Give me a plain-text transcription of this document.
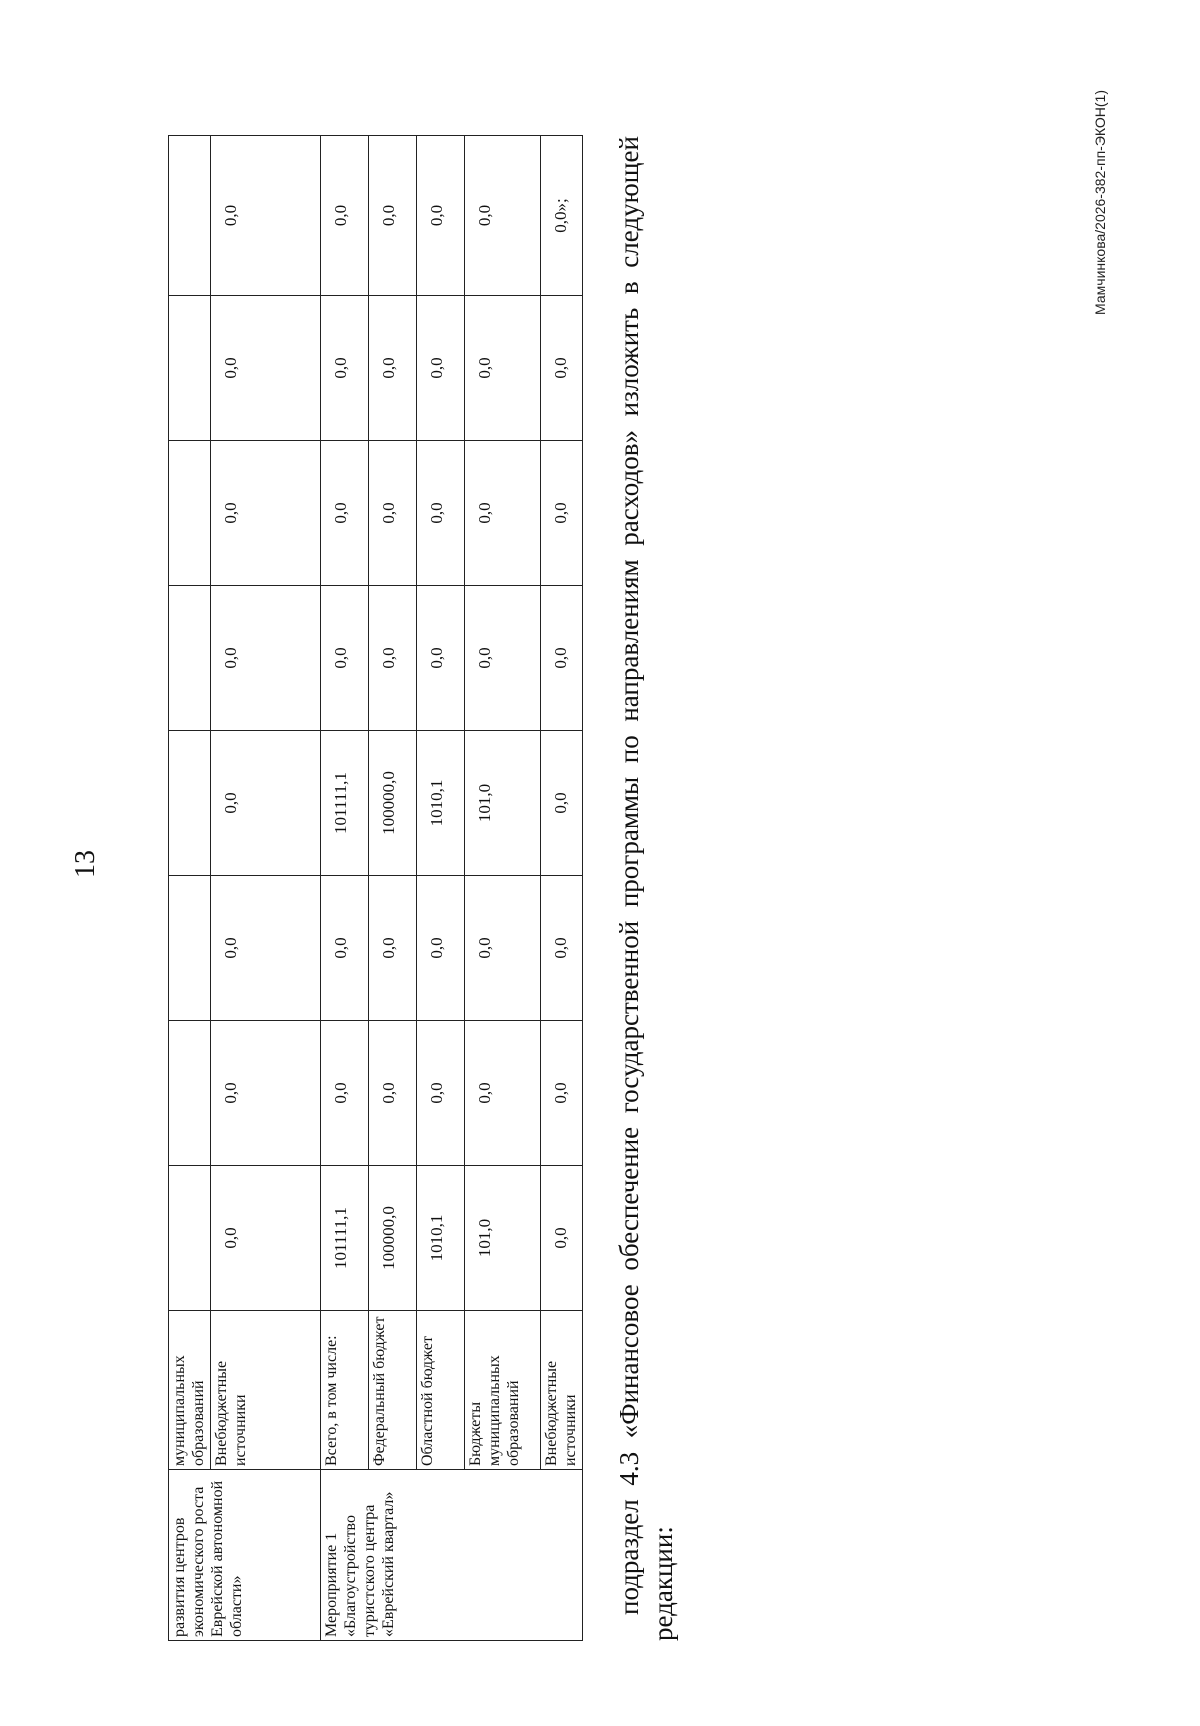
13
развития центров экономического роста Еврейской автономной области»	муниципальных образований								
	Внебюджетные источники	0,0	0,0	0,0	0,0	0,0	0,0	0,0	0,0
Мероприятие 1 «Благоустройство туристского центра «Еврейский квартал»	Всего, в том числе:	101111,1	0,0	0,0	101111,1	0,0	0,0	0,0	0,0
	Федеральный бюджет	100000,0	0,0	0,0	100000,0	0,0	0,0	0,0	0,0
	Областной бюджет	1010,1	0,0	0,0	1010,1	0,0	0,0	0,0	0,0
	Бюджеты муниципальных образований	101,0	0,0	0,0	101,0	0,0	0,0	0,0	0,0
	Внебюджетные источники	0,0	0,0	0,0	0,0	0,0	0,0	0,0	0,0»; подраздел 4.3 «Финансовое обеспечение государственной программы по направлениям расходов» изложить в следующей редакции:
Мамчинкова/2026-382-пп-ЭКОН(1)
